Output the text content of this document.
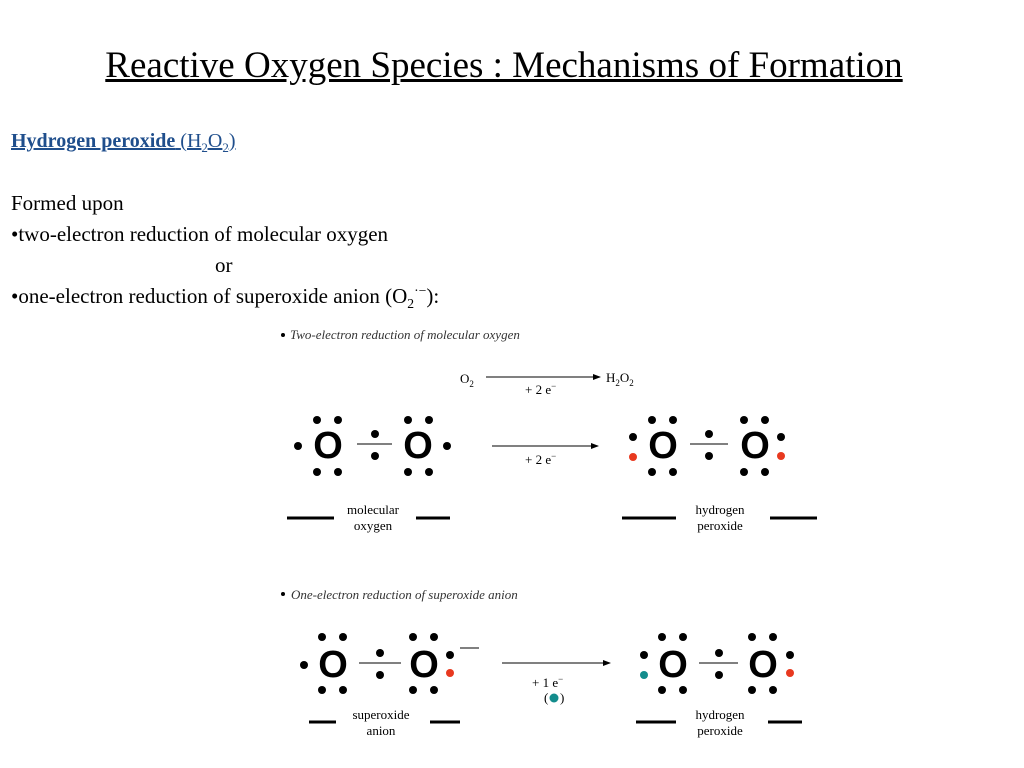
Reactive Oxygen Species : Mechanisms of Formation
Hydrogen peroxide $(H_2O_2)$
Formed upon
•two-electron reduction of molecular oxygen
or
•one-electron reduction of superoxide anion $(O_2^{\cdot-})$:
Two-electron reduction of molecular oxygen
$O_2$	+ 2 e−
$H_2O_2$
O O	+ 2 e− O O
molecular
oxygen
hydrogen
peroxide
One-electron reduction of superoxide anion
O O	+ 1 e−
( )
O O
superoxide
anion
hydrogen
peroxide
